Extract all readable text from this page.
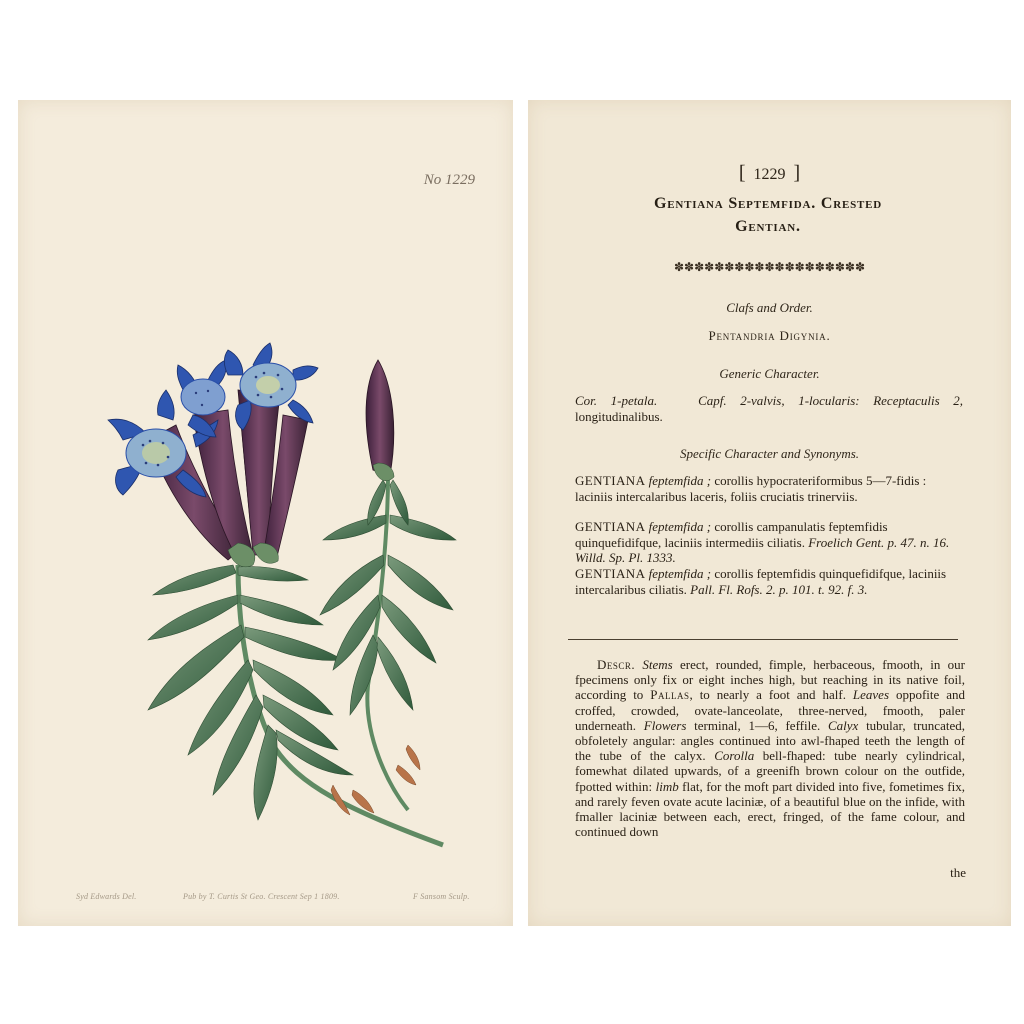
No 1229
Syd Edwards Del.	Pub by T. Curtis St Geo. Crescent Sep 1 1809.	F Sansom Sculp.
[ 1229 ]
Gentiana Septemfida. Crested
Gentian.
✽✽✽✽✽✽✽✽✽✽✽✽✽✽✽✽✽✽✽
Clafs and Order.
Pentandria Digynia.
Generic Character.
Cor. 1-petala.	Capf. 2-valvis, 1-locularis: Receptaculis 2, longitudinalibus.
Specific Character and Synonyms.
GENTIANA feptemfida ; corollis hypocrateriformibus 5—7-fidis : laciniis intercalaribus laceris, foliis cruciatis trinerviis.
GENTIANA feptemfida ; corollis campanulatis feptemfidis quinquefidifque, laciniis intermediis ciliatis. Froelich Gent. p. 47. n. 16. Willd. Sp. Pl. 1333.
GENTIANA feptemfida ; corollis feptemfidis quinquefidifque, laciniis intercalaribus ciliatis. Pall. Fl. Rofs. 2. p. 101. t. 92. f. 3.
Descr. Stems erect, rounded, fimple, herbaceous, fmooth, in our fpecimens only fix or eight inches high, but reaching in its native foil, according to Pallas, to nearly a foot and half. Leaves oppofite and croffed, crowded, ovate-lanceolate, three-nerved, fmooth, paler underneath. Flowers terminal, 1—6, feffile. Calyx tubular, truncated, obfoletely angular: angles continued into awl-fhaped teeth the length of the tube of the calyx. Corolla bell-fhaped: tube nearly cylindrical, fomewhat dilated upwards, of a greenifh brown colour on the outfide, fpotted within: limb flat, for the moft part divided into five, fometimes fix, and rarely feven ovate acute laciniæ, of a beautiful blue on the infide, with fmaller laciniæ between each, erect, fringed, of the fame colour, and continued down
the
